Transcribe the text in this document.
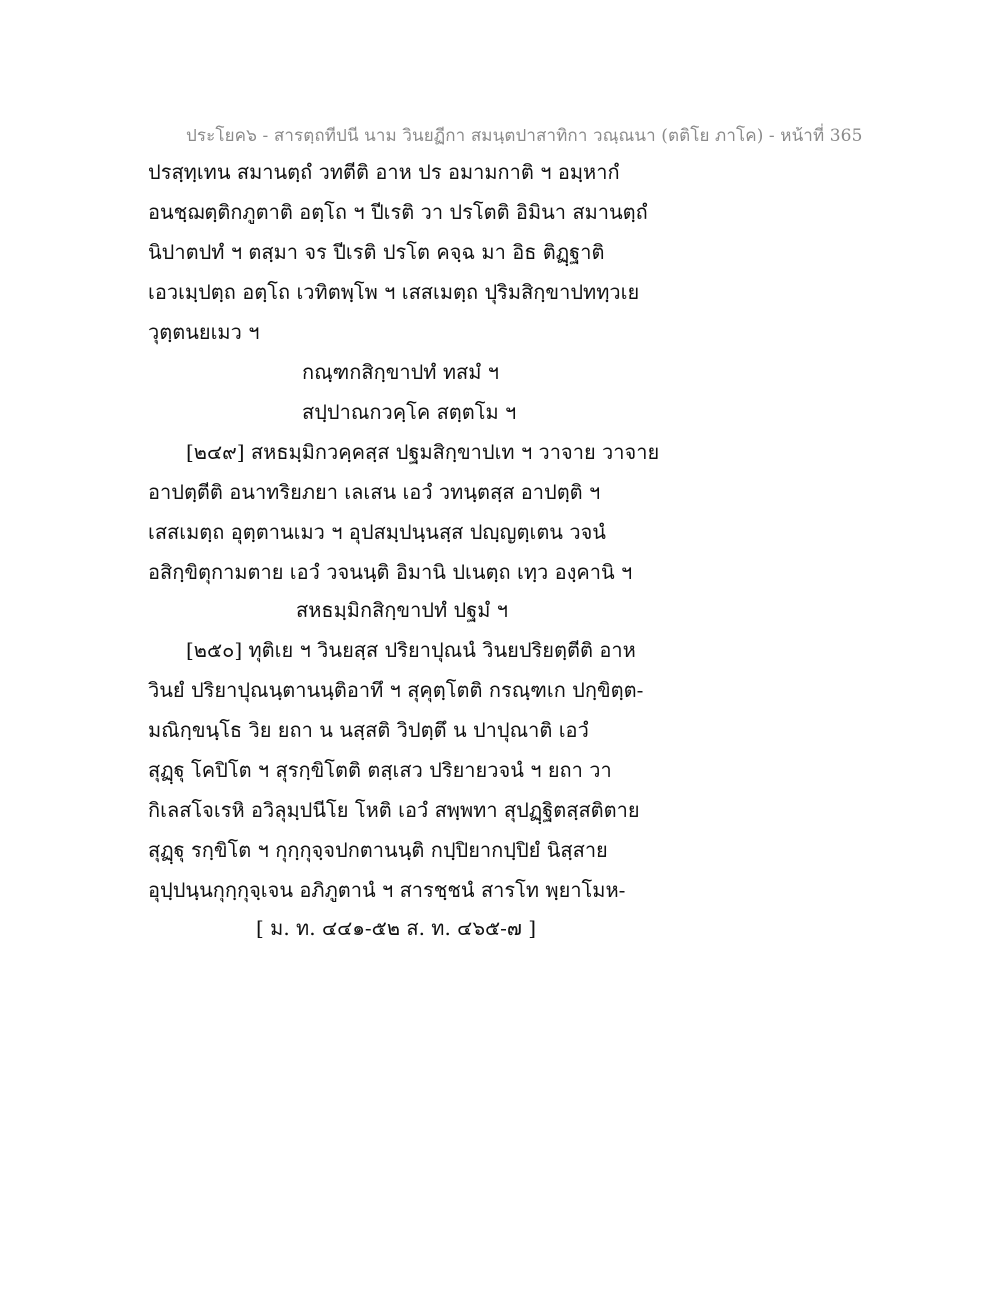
ประโยค๖ - สารตฺถทีปนี นาม วินยฏีกา สมนฺตปาสาทิกา วณฺณนา (ตติโย ภาโค) - หน้าที่ 365
ปรสฺทฺเทน สมานตฺถํ วทตีติ อาห ปร อมามกาติ ฯ อมฺหากํ
อนชฺฌตฺติกภูตาติ อตฺโถ ฯ ปีเรติ วา ปรโตติ อิมินา สมานตฺถํ
นิปาตปทํ ฯ ตสฺมา จร ปีเรติ ปรโต คจฺฉ มา อิธ ติฏฺฐาติ
เอวเมฺปตฺถ อตฺโถ เวทิตพฺโพ ฯ เสสเมตฺถ ปุริมสิกฺขาปททฺวเย
วุตฺตนยเมว ฯ
กณฺฑกสิกฺขาปทํ ทสมํ ฯ
สปฺปาณกวคฺโค สตฺตโม ฯ
[๒๔๙] สหธมฺมิกวคฺคสฺส ปฐมสิกฺขาปเท ฯ วาจาย วาจาย
อาปตฺตีติ อนาทริยภยา เลเสน เอวํ วทนฺตสฺส อาปตฺติ ฯ
เสสเมตฺถ อุตฺตานเมว ฯ อุปสมฺปนฺนสฺส ปญฺญตฺเตน วจนํ
อสิกฺขิตุกามตาย เอวํ วจนนฺติ อิมานิ ปเนตฺถ เทฺว องฺคานิ ฯ
สหธมฺมิกสิกฺขาปทํ ปฐมํ ฯ
[๒๕๐] ทุติเย ฯ วินยสฺส ปริยาปุณนํ วินยปริยตฺตีติ อาห
วินยํ ปริยาปุณนฺตานนฺติอาทึ ฯ สุคุตฺโตติ กรณฺฑเก ปกฺขิตฺต-
มณิกฺขนฺโธ วิย ยถา น นสฺสติ วิปตฺตึ น ปาปุณาติ เอวํ
สุฏฺฐุ โคปิโต ฯ สุรกฺขิโตติ ตสฺเสว ปริยายวจนํ ฯ ยถา วา
กิเลสโจเรหิ อวิลุมฺปนีโย โหติ เอวํ สพฺพทา สุปฏฺฐิตสฺสติตาย
สุฏฺฐุ รกฺขิโต ฯ กุกฺกุจฺจปกตานนฺติ กปฺปิยากปฺปิยํ นิสฺสาย
อุปฺปนฺนกุกฺกุจฺเจน อภิภูตานํ ฯ สารชฺชนํ สารโท พฺยาโมห-
[ ม. ท. ๔๔๑-๕๒ ส. ท. ๔๖๕-๗ ]
